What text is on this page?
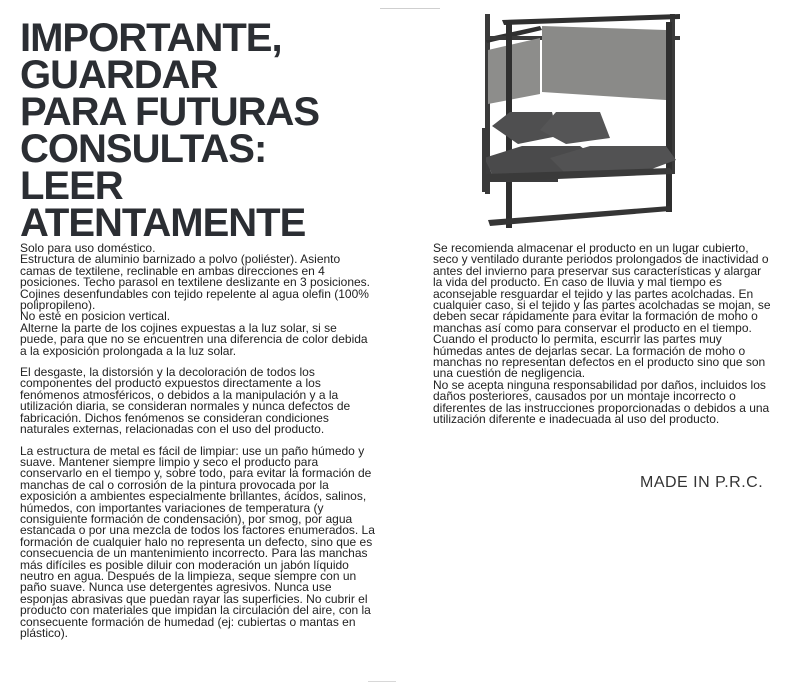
IMPORTANTE,
GUARDAR
PARA FUTURAS
CONSULTAS:
LEER
ATENTAMENTE

Solo para uso doméstico.

Estructura de aluminio barnizado a polvo (poliéster). Asiento camas de textilene, reclinable en ambas direcciones en 4 posiciones. Techo parasol en textilene deslizante en 3 posiciones.

Cojines desenfundables con tejido repelente al agua olefin (100% polipropileno).

No esté en posicion vertical.

Alterne la parte de los cojines expuestas a la luz solar, si se puede, para que no se encuentren una diferencia de color debida a la exposición prolongada a la luz solar.

El desgaste, la distorsión y la decoloración de todos los componentes del producto expuestos directamente a los fenómenos atmosféricos, o debidos a la manipulación y a la utilización diaria, se consideran normales y nunca defectos de fabricación. Dichos fenómenos se consideran condiciones naturales externas, relacionadas con el uso del producto.

La estructura de metal es fácil de limpiar: use un paño húmedo y suave. Mantener siempre limpio y seco el producto para conservarlo en el tiempo y, sobre todo, para evitar la formación de manchas de cal o corrosión de la pintura provocada por la exposición a ambientes especialmente brillantes, ácidos, salinos, húmedos, con importantes variaciones de temperatura (y consiguiente formación de condensación), por smog, por agua estancada o por una mezcla de todos los factores enumerados. La formación de cualquier halo no representa un defecto, sino que es consecuencia de un mantenimiento incorrecto. Para las manchas más difíciles es posible diluir con moderación un jabón líquido neutro en agua. Después de la limpieza, seque siempre con un paño suave. Nunca use detergentes agresivos. Nunca use esponjas abrasivas que puedan rayar las superficies. No cubrir el producto con materiales que impidan la circulación del aire, con la consecuente formación de humedad (ej: cubiertas o mantas en plástico).

Se recomienda almacenar el producto en un lugar cubierto, seco y ventilado durante periodos prolongados de inactividad o antes del invierno para preservar sus características y alargar la vida del producto. En caso de lluvia y mal tiempo es aconsejable resguardar el tejido y las partes acolchadas. En cualquier caso, si el tejido y las partes acolchadas se mojan, se deben secar rápidamente para evitar la formación de moho o manchas así como para conservar el producto en el tiempo. Cuando el producto lo permita, escurrir las partes muy húmedas antes de dejarlas secar. La formación de moho o manchas no representan defectos en el producto sino que son una cuestión de negligencia.

No se acepta ninguna responsabilidad por daños, incluidos los daños posteriores, causados por un montaje incorrecto o diferentes de las instrucciones proporcionadas o debidos a una utilización diferente e inadecuada al uso del producto.

MADE IN P.R.C.
